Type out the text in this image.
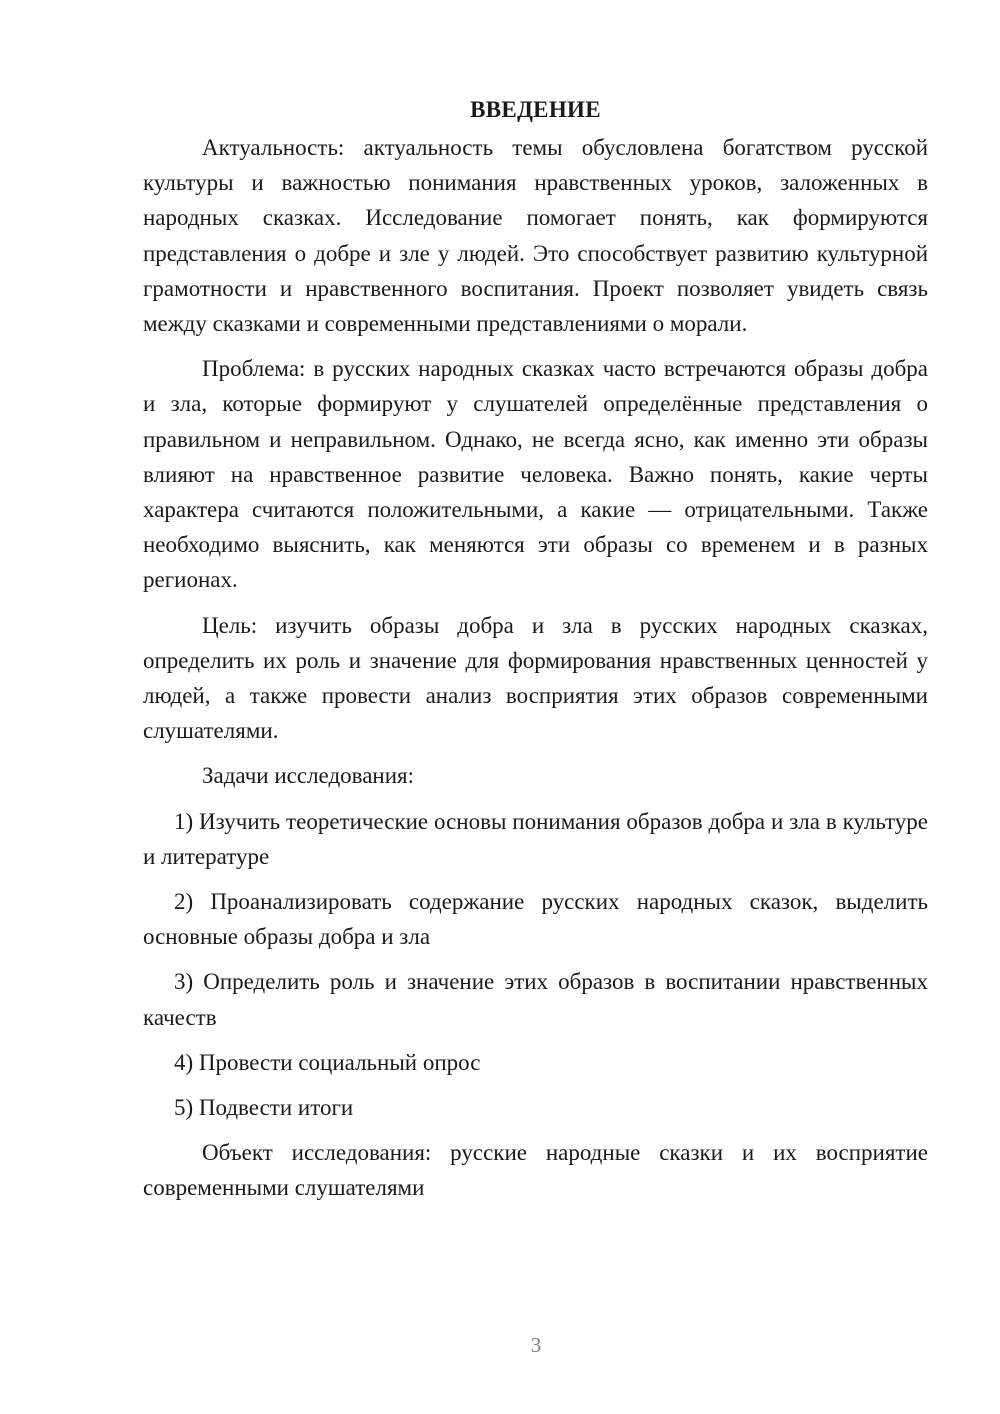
ВВЕДЕНИЕ

Актуальность: актуальность темы обусловлена богатством русской культуры и важностью понимания нравственных уроков, заложенных в народных сказках. Исследование помогает понять, как формируются представления о добре и зле у людей. Это способствует развитию культурной грамотности и нравственного воспитания. Проект позволяет увидеть связь между сказками и современными представлениями о морали.

Проблема: в русских народных сказках часто встречаются образы добра и зла, которые формируют у слушателей определённые представления о правильном и неправильном. Однако, не всегда ясно, как именно эти образы влияют на нравственное развитие человека. Важно понять, какие черты характера считаются положительными, а какие — отрицательными. Также необходимо выяснить, как меняются эти образы со временем и в разных регионах.

Цель: изучить образы добра и зла в русских народных сказках, определить их роль и значение для формирования нравственных ценностей у людей, а также провести анализ восприятия этих образов современными слушателями.

Задачи исследования:

1) Изучить теоретические основы понимания образов добра и зла в культуре и литературе

2) Проанализировать содержание русских народных сказок, выделить основные образы добра и зла

3) Определить роль и значение этих образов в воспитании нравственных качеств

4) Провести социальный опрос

5) Подвести итоги

Объект исследования: русские народные сказки и их восприятие современными слушателями

3
